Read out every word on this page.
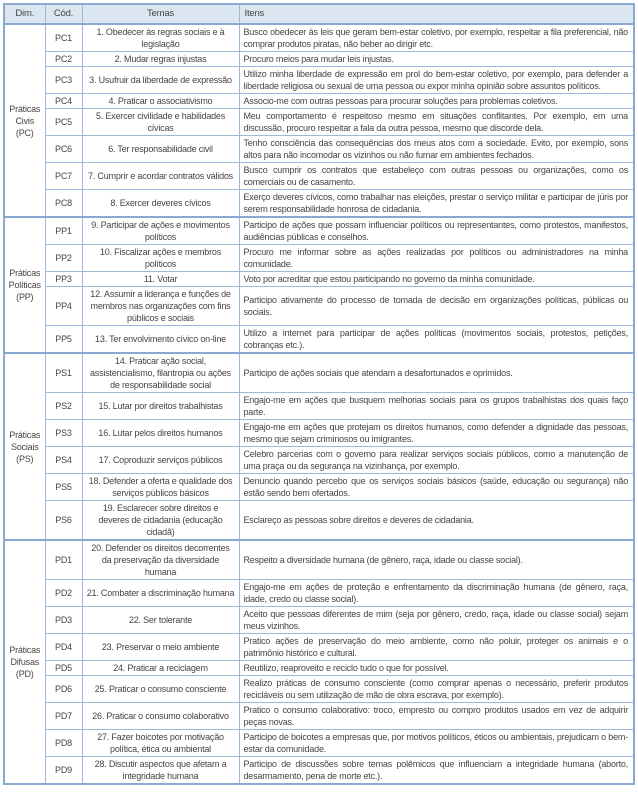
Dim.	Cód.	Temas	Itens
Práticas Civis (PC)	PC1	1. Obedecer às regras sociais e à legislação	Busco obedecer às leis que geram bem-estar coletivo, por exemplo, respeitar a fila preferencial, não comprar produtos piratas, não beber ao dirigir etc.
	PC2	2. Mudar regras injustas	Procuro meios para mudar leis injustas.
	PC3	3. Usufruir da liberdade de expressão	Utilizo minha liberdade de expressão em prol do bem-estar coletivo, por exemplo, para defender a liberdade religiosa ou sexual de uma pessoa ou expor minha opinião sobre assuntos políticos.
	PC4	4. Praticar o associativismo	Associo-me com outras pessoas para procurar soluções para problemas coletivos.
	PC5	5. Exercer civilidade e habilidades cívicas	Meu comportamento é respeitoso mesmo em situações conflitantes. Por exemplo, em uma discussão, procuro respeitar a fala da outra pessoa, mesmo que discorde dela.
	PC6	6. Ter responsabilidade civil	Tenho consciência das consequências dos meus atos com a sociedade. Evito, por exemplo, sons altos para não incomodar os vizinhos ou não fumar em ambientes fechados.
	PC7	7. Cumprir e acordar contratos válidos	Busco cumprir os contratos que estabeleço com outras pessoas ou organizações, como os comerciais ou de casamento.
	PC8	8. Exercer deveres cívicos	Exerço deveres cívicos, como trabalhar nas eleições, prestar o serviço militar e participar de júris por serem responsabilidade honrosa de cidadania.
Práticas Políticas (PP)	PP1	9. Participar de ações e movimentos políticos	Participo de ações que possam influenciar políticos ou representantes, como protestos, manifestos, audiências públicas e conselhos.
	PP2	10. Fiscalizar ações e membros políticos	Procuro me informar sobre as ações realizadas por políticos ou administradores na minha comunidade.
	PP3	11. Votar	Voto por acreditar que estou participando no governo da minha comunidade.
	PP4	12. Assumir a liderança e funções de membros nas organizações com fins públicos e sociais	Participo ativamente do processo de tomada de decisão em organizações políticas, públicas ou sociais.
	PP5	13. Ter envolvimento cívico on-line	Utilizo a internet para participar de ações políticas (movimentos sociais, protestos, petições, cobranças etc.).
Práticas Sociais (PS)	PS1	14. Praticar ação social, assistencialismo, filantropia ou ações de responsabilidade social	Participo de ações sociais que atendam a desafortunados e oprimidos.
	PS2	15. Lutar por direitos trabalhistas	Engajo-me em ações que busquem melhorias sociais para os grupos trabalhistas dos quais faço parte.
	PS3	16. Lutar pelos direitos humanos	Engajo-me em ações que protejam os direitos humanos, como defender a dignidade das pessoas, mesmo que sejam criminosos ou imigrantes.
	PS4	17. Coproduzir serviços públicos	Celebro parcerias com o governo para realizar serviços sociais públicos, como a manutenção de uma praça ou da segurança na vizinhança, por exemplo.
	PS5	18. Defender a oferta e qualidade dos serviços públicos básicos	Denuncio quando percebo que os serviços sociais básicos (saúde, educação ou segurança) não estão sendo bem ofertados.
	PS6	19. Esclarecer sobre direitos e deveres de cidadania (educação cidadã)	Esclareço as pessoas sobre direitos e deveres de cidadania.
Práticas Difusas (PD)	PD1	20. Defender os direitos decorrentes da preservação da diversidade humana	Respeito a diversidade humana (de gênero, raça, idade ou classe social).
	PD2	21. Combater a discriminação humana	Engajo-me em ações de proteção e enfrentamento da discriminação humana (de gênero, raça, idade, credo ou classe social).
	PD3	22. Ser tolerante	Aceito que pessoas diferentes de mim (seja por gênero, credo, raça, idade ou classe social) sejam meus vizinhos.
	PD4	23. Preservar o meio ambiente	Pratico ações de preservação do meio ambiente, como não poluir, proteger os animais e o patrimônio histórico e cultural.
	PD5	24. Praticar a reciclagem	Reutilizo, reaproveito e reciclo tudo o que for possível.
	PD6	25. Praticar o consumo consciente	Realizo práticas de consumo consciente (como comprar apenas o necessário, preferir produtos recicláveis ou sem utilização de mão de obra escrava, por exemplo).
	PD7	26. Praticar o consumo colaborativo	Pratico o consumo colaborativo: troco, empresto ou compro produtos usados em vez de adquirir peças novas.
	PD8	27. Fazer boicotes por motivação política, ética ou ambiental	Participo de boicotes a empresas que, por motivos políticos, éticos ou ambientais, prejudicam o bem-estar da comunidade.
	PD9	28. Discutir aspectos que afetam a integridade humana	Participo de discussões sobre temas polêmicos que influenciam a integridade humana (aborto, desarmamento, pena de morte etc.).
